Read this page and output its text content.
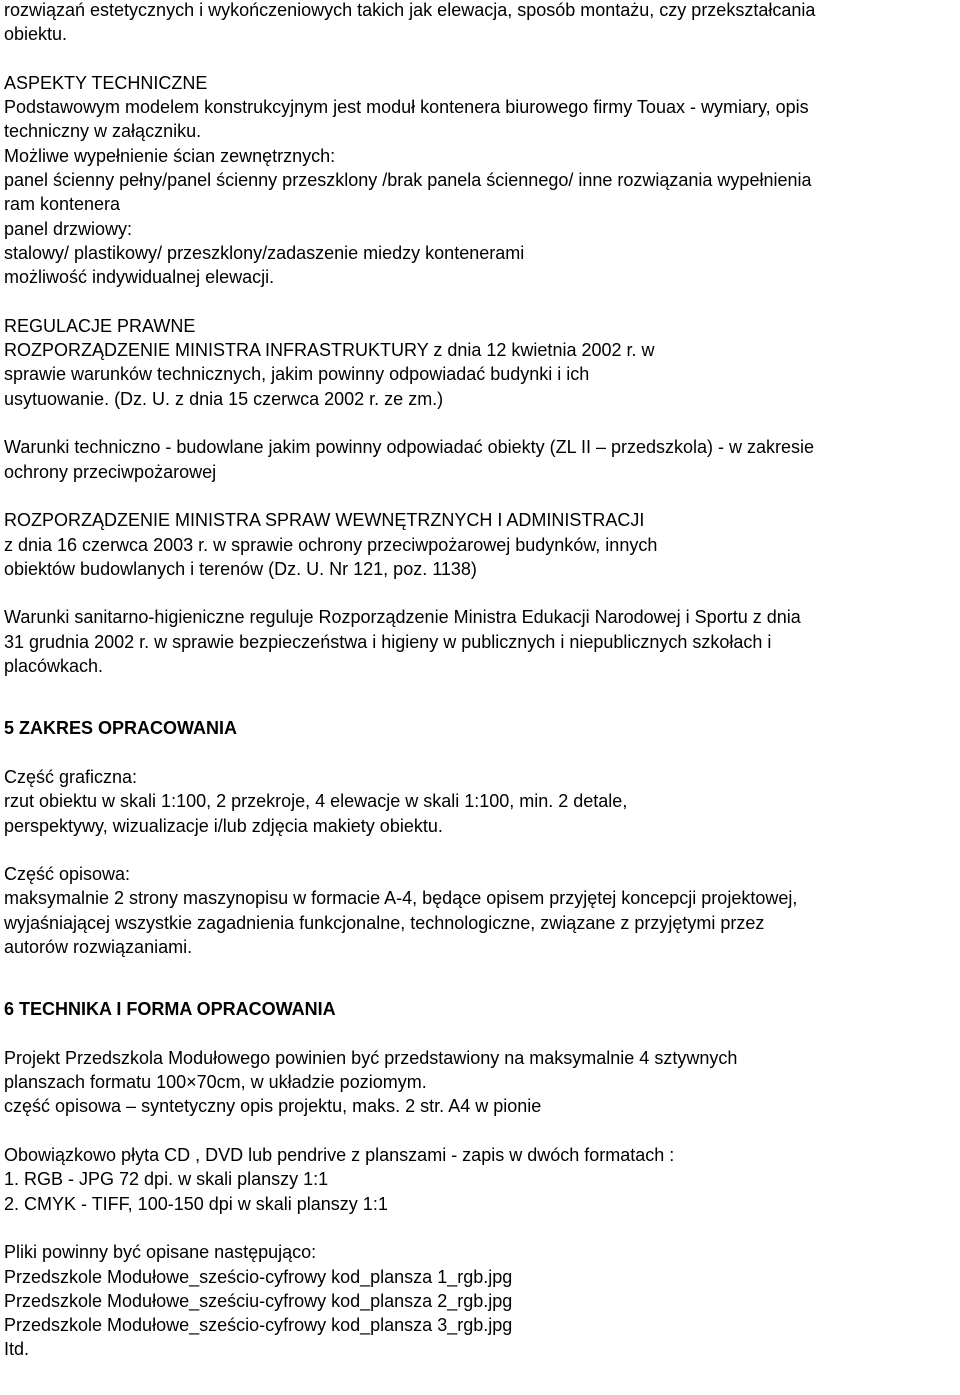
rozwiązań estetycznych i wykończeniowych takich jak elewacja, sposób montażu, czy przekształcania
obiektu.
ASPEKTY TECHNICZNE
Podstawowym modelem konstrukcyjnym jest moduł kontenera biurowego firmy Touax - wymiary, opis
techniczny w załączniku.
Możliwe wypełnienie ścian zewnętrznych:
panel ścienny pełny/panel ścienny przeszklony /brak panela ściennego/ inne rozwiązania wypełnienia
ram kontenera
panel drzwiowy:
stalowy/ plastikowy/ przeszklony/zadaszenie miedzy kontenerami
możliwość indywidualnej elewacji.
REGULACJE PRAWNE
ROZPORZĄDZENIE MINISTRA INFRASTRUKTURY z dnia 12 kwietnia 2002 r. w
sprawie warunków technicznych, jakim powinny odpowiadać budynki i ich
usytuowanie. (Dz. U. z dnia 15 czerwca 2002 r. ze zm.)
Warunki techniczno - budowlane jakim powinny odpowiadać obiekty (ZL II – przedszkola) - w zakresie
ochrony przeciwpożarowej
ROZPORZĄDZENIE MINISTRA SPRAW WEWNĘTRZNYCH I ADMINISTRACJI
z dnia 16 czerwca 2003 r. w sprawie ochrony przeciwpożarowej budynków, innych
obiektów budowlanych i terenów (Dz. U. Nr 121, poz. 1138)
Warunki sanitarno-higieniczne reguluje Rozporządzenie Ministra Edukacji Narodowej i Sportu z dnia
31 grudnia 2002 r. w sprawie bezpieczeństwa i higieny w publicznych i niepublicznych szkołach i
placówkach.
5 ZAKRES OPRACOWANIA
Część graficzna:
rzut obiektu w skali 1:100, 2 przekroje, 4 elewacje w skali 1:100, min. 2 detale,
perspektywy, wizualizacje i/lub zdjęcia makiety obiektu.
Część opisowa:
maksymalnie 2 strony maszynopisu w formacie A-4, będące opisem przyjętej koncepcji projektowej,
wyjaśniającej wszystkie zagadnienia funkcjonalne, technologiczne, związane z przyjętymi przez
autorów rozwiązaniami.
6 TECHNIKA I FORMA OPRACOWANIA
Projekt Przedszkola Modułowego powinien być przedstawiony na maksymalnie 4 sztywnych
planszach formatu 100×70cm, w układzie poziomym.
część opisowa – syntetyczny opis projektu, maks. 2 str. A4 w pionie
Obowiązkowo płyta CD , DVD lub pendrive z planszami - zapis w dwóch formatach :
1. RGB - JPG 72 dpi. w skali planszy 1:1
2. CMYK - TIFF, 100-150 dpi w skali planszy 1:1
Pliki powinny być opisane następująco:
Przedszkole Modułowe_sześcio-cyfrowy kod_plansza 1_rgb.jpg
Przedszkole Modułowe_sześciu-cyfrowy kod_plansza 2_rgb.jpg
Przedszkole Modułowe_sześcio-cyfrowy kod_plansza 3_rgb.jpg
Itd.
